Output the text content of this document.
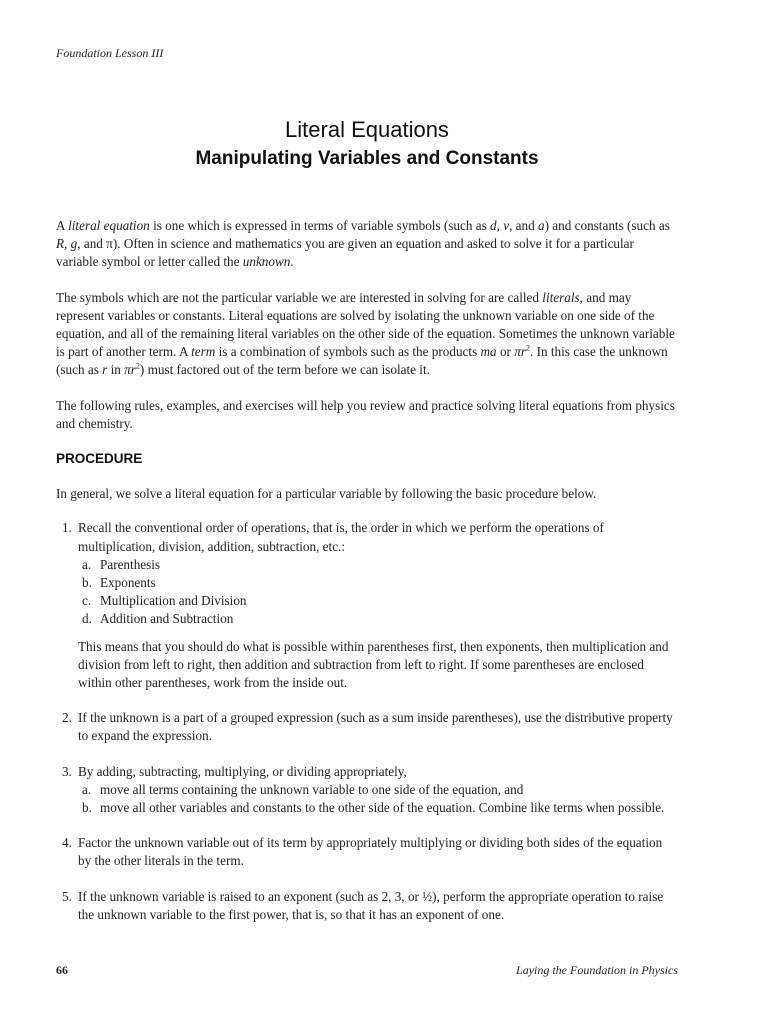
Foundation Lesson III
Literal Equations
Manipulating Variables and Constants

A literal equation is one which is expressed in terms of variable symbols (such as d, v, and a) and constants (such as R, g, and π). Often in science and mathematics you are given an equation and asked to solve it for a particular variable symbol or letter called the unknown.

The symbols which are not the particular variable we are interested in solving for are called literals, and may represent variables or constants. Literal equations are solved by isolating the unknown variable on one side of the equation, and all of the remaining literal variables on the other side of the equation. Sometimes the unknown variable is part of another term. A term is a combination of symbols such as the products ma or $\pi r^2$. In this case the unknown (such as r in $\pi r^2$) must factored out of the term before we can isolate it.

The following rules, examples, and exercises will help you review and practice solving literal equations from physics and chemistry.

PROCEDURE

In general, we solve a literal equation for a particular variable by following the basic procedure below.

1. Recall the conventional order of operations, that is, the order in which we perform the operations of multiplication, division, addition, subtraction, etc.:
a. Parenthesis
b. Exponents
c. Multiplication and Division
d. Addition and Subtraction
This means that you should do what is possible within parentheses first, then exponents, then multiplication and division from left to right, then addition and subtraction from left to right. If some parentheses are enclosed within other parentheses, work from the inside out.
2. If the unknown is a part of a grouped expression (such as a sum inside parentheses), use the distributive property to expand the expression.
3. By adding, subtracting, multiplying, or dividing appropriately,
a. move all terms containing the unknown variable to one side of the equation, and
b. move all other variables and constants to the other side of the equation. Combine like terms when possible.
4. Factor the unknown variable out of its term by appropriately multiplying or dividing both sides of the equation by the other literals in the term.
5. If the unknown variable is raised to an exponent (such as 2, 3, or ½), perform the appropriate operation to raise the unknown variable to the first power, that is, so that it has an exponent of one.
66	Laying the Foundation in Physics
